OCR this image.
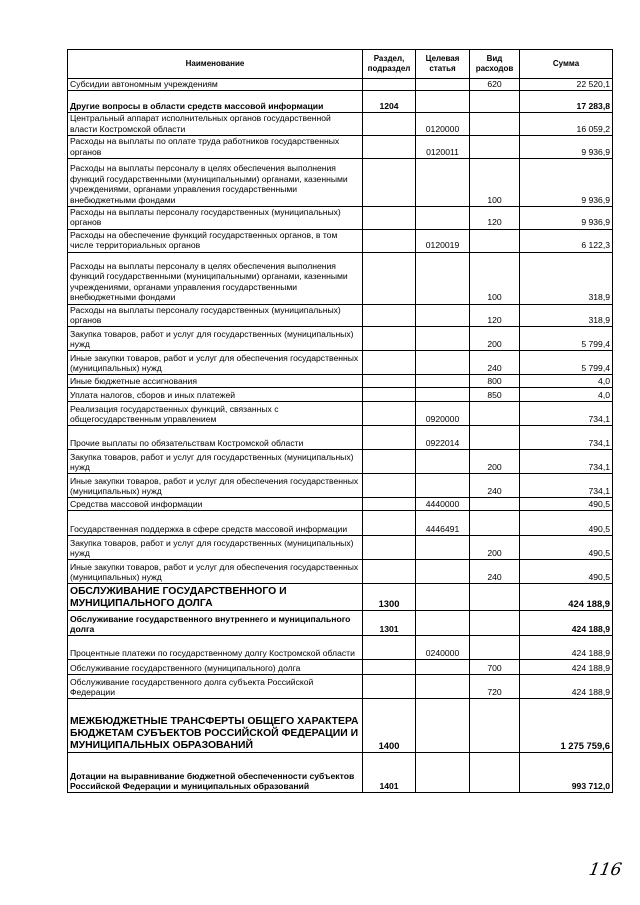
Наименование	Раздел, подраздел	Целевая статья	Вид расходов	Сумма
Субсидии автономным учреждениям			620	22 520,1
Другие вопросы в области средств массовой информации	1204			17 283,8
Центральный аппарат исполнительных органов государственной власти Костромской области		0120000		16 059,2
Расходы на выплаты по оплате труда работников государственных органов		0120011		9 936,9
Расходы на выплаты персоналу в целях обеспечения выполнения функций государственными (муниципальными) органами, казенными учреждениями, органами управления государственными внебюджетными фондами			100	9 936,9
Расходы на выплаты персоналу государственных (муниципальных) органов			120	9 936,9
Расходы на обеспечение функций государственных органов, в том числе территориальных органов		0120019		6 122,3
Расходы на выплаты персоналу в целях обеспечения выполнения функций государственными (муниципальными) органами, казенными учреждениями, органами управления государственными внебюджетными фондами			100	318,9
Расходы на выплаты персоналу государственных (муниципальных) органов			120	318,9
Закупка товаров, работ и услуг для государственных (муниципальных) нужд			200	5 799,4
Иные закупки товаров, работ и услуг для обеспечения государственных (муниципальных) нужд			240	5 799,4
Иные бюджетные ассигнования			800	4,0
Уплата налогов, сборов и иных платежей			850	4,0
Реализация государственных функций, связанных с общегосударственным управлением		0920000		734,1
Прочие выплаты по обязательствам Костромской области		0922014		734,1
Закупка товаров, работ и услуг для государственных (муниципальных) нужд			200	734,1
Иные закупки товаров, работ и услуг для обеспечения государственных (муниципальных) нужд			240	734,1
Средства массовой информации		4440000		490,5
Государственная поддержка в сфере средств массовой информации		4446491		490,5
Закупка товаров, работ и услуг для государственных (муниципальных) нужд			200	490,5
Иные закупки товаров, работ и услуг для обеспечения государственных (муниципальных) нужд			240	490,5
ОБСЛУЖИВАНИЕ ГОСУДАРСТВЕННОГО И МУНИЦИПАЛЬНОГО ДОЛГА	1300			424 188,9
Обслуживание государственного внутреннего и муниципального долга	1301			424 188,9
Процентные платежи по государственному долгу Костромской области		0240000		424 188,9
Обслуживание государственного (муниципального) долга			700	424 188,9
Обслуживание государственного долга субъекта Российской Федерации			720	424 188,9
МЕЖБЮДЖЕТНЫЕ ТРАНСФЕРТЫ ОБЩЕГО ХАРАКТЕРА БЮДЖЕТАМ СУБЪЕКТОВ РОССИЙСКОЙ ФЕДЕРАЦИИ И МУНИЦИПАЛЬНЫХ ОБРАЗОВАНИЙ	1400			1 275 759,6
Дотации на выравнивание бюджетной обеспеченности субъектов Российской Федерации и муниципальных образований	1401			993 712,0
116
